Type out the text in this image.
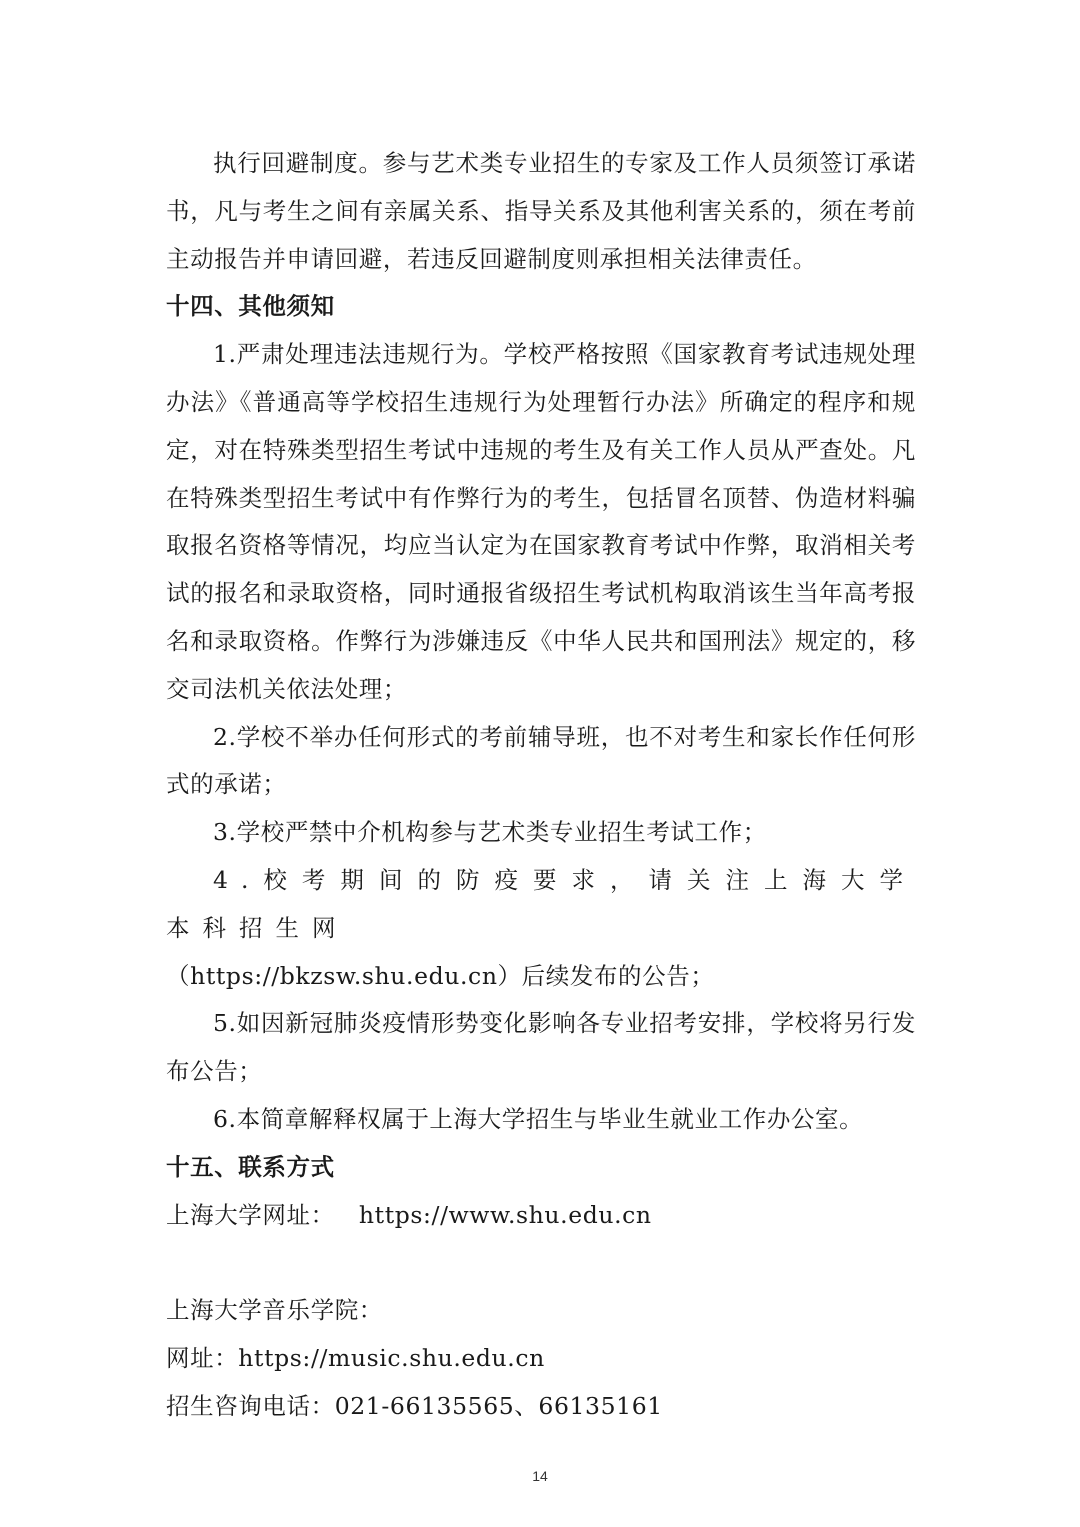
执行回避制度。参与艺术类专业招生的专家及工作人员须签订承诺书，凡与考生之间有亲属关系、指导关系及其他利害关系的，须在考前主动报告并申请回避，若违反回避制度则承担相关法律责任。

十四、其他须知

1.严肃处理违法违规行为。学校严格按照《国家教育考试违规处理办法》《普通高等学校招生违规行为处理暂行办法》所确定的程序和规定，对在特殊类型招生考试中违规的考生及有关工作人员从严查处。凡在特殊类型招生考试中有作弊行为的考生，包括冒名顶替、伪造材料骗取报名资格等情况，均应当认定为在国家教育考试中作弊，取消相关考试的报名和录取资格，同时通报省级招生考试机构取消该生当年高考报名和录取资格。作弊行为涉嫌违反《中华人民共和国刑法》规定的，移交司法机关依法处理；

2.学校不举办任何形式的考前辅导班，也不对考生和家长作任何形式的承诺；

3.学校严禁中介机构参与艺术类专业招生考试工作；

4.校考期间的防疫要求，请关注上海大学本科招生网

（https://bkzsw.shu.edu.cn）后续发布的公告；

5.如因新冠肺炎疫情形势变化影响各专业招考安排，学校将另行发布公告；

6.本简章解释权属于上海大学招生与毕业生就业工作办公室。

十五、联系方式

上海大学网址：   https://www.shu.edu.cn

上海大学音乐学院：

网址：https://music.shu.edu.cn

招生咨询电话：021-66135565、66135161

14
